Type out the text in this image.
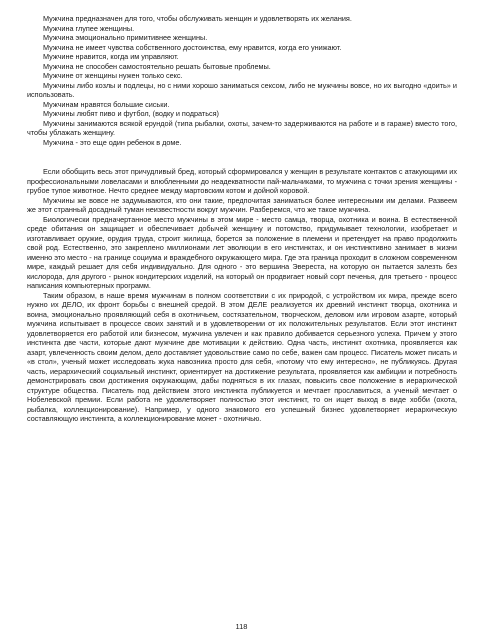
Мужчина предназначен для того, чтобы обслуживать женщин и удовлетворять их желания.

Мужчина глупее женщины.

Мужчина эмоционально примитивнее женщины.

Мужчина не имеет чувства собственного достоинства, ему нравится, когда его унижают.

Мужчине нравится, когда им управляют.

Мужчина не способен самостоятельно решать бытовые проблемы.

Мужчине от женщины нужен только секс.

Мужчины либо козлы и подлецы, но с ними хорошо заниматься сексом, либо не мужчины вовсе, но их выгодно «доить» и использовать.

Мужчинам нравятся большие сиськи.

Мужчины любят пиво и футбол, (водку и подраться)

Мужчины занимаются всякой ерундой (типа рыбалки, охоты, зачем-то задерживаются на работе и в гараже) вместо того, чтобы ублажать женщину.

Мужчина - это еще один ребенок в доме.

Если обобщить весь этот причудливый бред, который сформировался у женщин в результате контактов с атакующими их профессиональными ловеласами и влюбленными до неадекватности пай-мальчиками, то мужчина с точки зрения женщины - грубое тупое животное. Нечто среднее между мартовским котом и дойной коровой.

Мужчины же вовсе не задумываются, кто они такие, предпочитая заниматься более интересными им делами. Развеем же этот странный досадный туман неизвестности вокруг мужчин. Разберемся, что же такое мужчина.

Биологически предначертанное место мужчины в этом мире - место самца, творца, охотника и воина. В естественной среде обитания он защищает и обеспечивает добычей женщину и потомство, придумывает технологии, изобретает и изготавливает оружие, орудия труда, строит жилища, борется за положение в племени и претендует на право продолжить свой род. Естественно, это закреплено миллионами лет эволюции в его инстинктах, и он инстинктивно занимает в жизни именно это место - на границе социума и враждебного окружающего мира. Где эта граница проходит в сложном современном мире, каждый решает для себя индивидуально. Для одного - это вершина Эвереста, на которую он пытается залезть без кислорода, для другого - рынок кондитерских изделий, на который он продвигает новый сорт печенья, для третьего - процесс написания компьютерных программ.

Таким образом, в наше время мужчинам в полном соответствии с их природой, с устройством их мира, прежде всего нужно их ДЕЛО, их фронт борьбы с внешней средой. В этом ДЕЛЕ реализуется их древний инстинкт творца, охотника и воина, эмоционально проявляющий себя в охотничьем, состязательном, творческом, деловом или игровом азарте, который мужчина испытывает в процессе своих занятий и в удовлетворении от их положительных результатов. Если этот инстинкт удовлетворяется его работой или бизнесом, мужчина увлечен и как правило добивается серьезного успеха. Причем у этого инстинкта две части, которые дают мужчине две мотивации к действию. Одна часть, инстинкт охотника, проявляется как азарт, увлеченность своим делом, дело доставляет удовольствие само по себе, важен сам процесс. Писатель может писать и «в стол», ученый может исследовать жука навозника просто для себя, «потому что ему интересно», не публикуясь. Другая часть, иерархический социальный инстинкт, ориентирует на достижение результата, проявляется как амбиции и потребность демонстрировать свои достижения окружающим, дабы подняться в их глазах, повысить свое положение в иерархической структуре общества. Писатель под действием этого инстинкта публикуется и мечтает прославиться, а ученый мечтает о Нобелевской премии. Если работа не удовлетворяет полностью этот инстинкт, то он ищет выход в виде хобби (охота, рыбалка, коллекционирование). Например, у одного знакомого его успешный бизнес удовлетворяет иерархическую составляющую инстинкта, а коллекционирование монет - охотничью.

118
